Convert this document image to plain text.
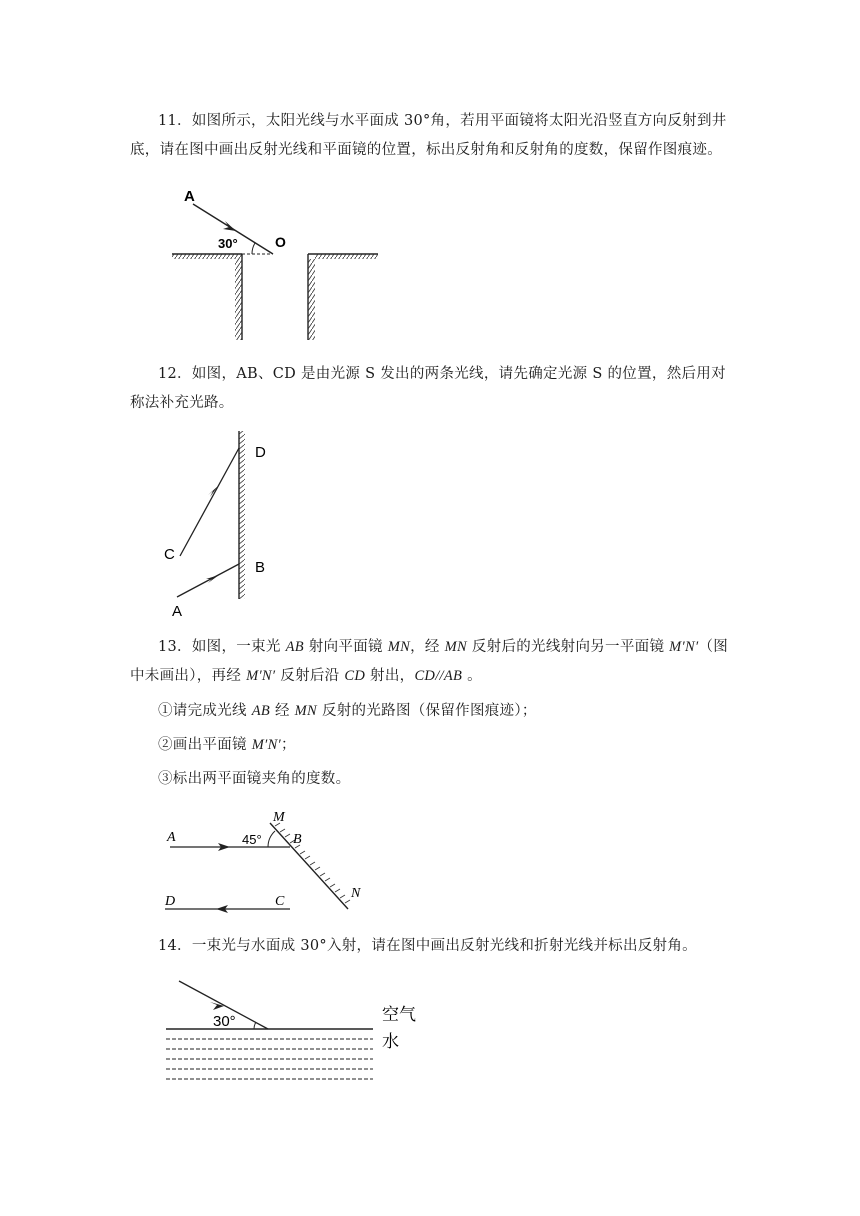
11．如图所示，太阳光线与水平面成 30°角，若用平面镜将太阳光沿竖直方向反射到井底，请在图中画出反射光线和平面镜的位置，标出反射角和反射角的度数，保留作图痕迹。

A
O
30°

12．如图，AB、CD 是由光源 S 发出的两条光线，请先确定光源 S 的位置，然后用对称法补充光路。

D
C
B
A

13．如图，一束光 AB 射向平面镜 MN，经 MN 反射后的光线射向另一平面镜 M′N′（图中未画出），再经 M′N′ 反射后沿 CD 射出，CD//AB 。

①请完成光线 AB 经 MN 反射的光路图（保留作图痕迹）；

②画出平面镜 M′N′；

③标出两平面镜夹角的度数。

M
A	45° B
N
D	C

14．一束光与水面成 30°入射，请在图中画出反射光线和折射光线并标出反射角。

30°	空气
水
